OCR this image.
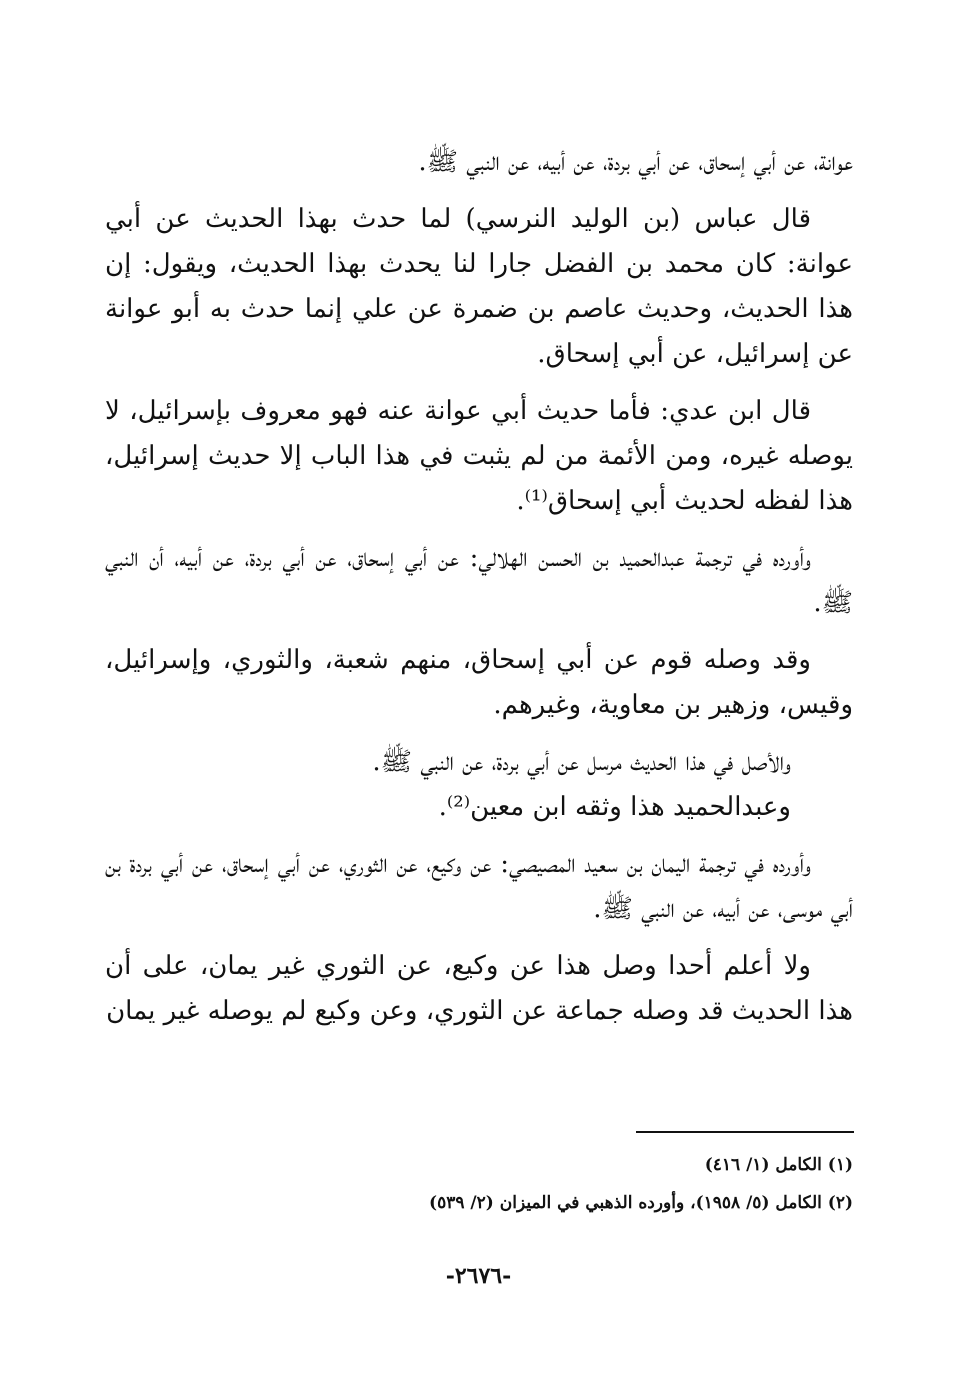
عوانة، عن أبي إسحاق، عن أبي بردة، عن أبيه، عن النبي ﷺ.

قال عباس (بن الوليد النرسي) لما حدث بهذا الحديث عن أبي عوانة: كان محمد بن الفضل جارا لنا يحدث بهذا الحديث، ويقول: إن هذا الحديث، وحديث عاصم بن ضمرة عن علي إنما حدث به أبو عوانة عن إسرائيل، عن أبي إسحاق.

قال ابن عدي: فأما حديث أبي عوانة عنه فهو معروف بإسرائيل، لا يوصله غيره، ومن الأئمة من لم يثبت في هذا الباب إلا حديث إسرائيل، هذا لفظه لحديث أبي إسحاق⁽¹⁾.

وأورده في ترجمة عبدالحميد بن الحسن الهلالي: عن أبي إسحاق، عن أبي بردة، عن أبيه، أن النبي ﷺ.

وقد وصله قوم عن أبي إسحاق، منهم شعبة، والثوري، وإسرائيل، وقيس، وزهير بن معاوية، وغيرهم.

والأصل في هذا الحديث مرسل عن أبي بردة، عن النبي ﷺ.

وعبدالحميد هذا وثقه ابن معين⁽²⁾.

وأورده في ترجمة اليمان بن سعيد المصيصي: عن وكيع، عن الثوري، عن أبي إسحاق، عن أبي بردة بن أبي موسى، عن أبيه، عن النبي ﷺ.

ولا أعلم أحدا وصل هذا عن وكيع، عن الثوري غير يمان، على أن هذا الحديث قد وصله جماعة عن الثوري، وعن وكيع لم يوصله غير يمان

(١) الكامل (١/ ٤١٦)
(٢) الكامل (٥/ ١٩٥٨)، وأورده الذهبي في الميزان (٢/ ٥٣٩)
-٢٦٧٦-
